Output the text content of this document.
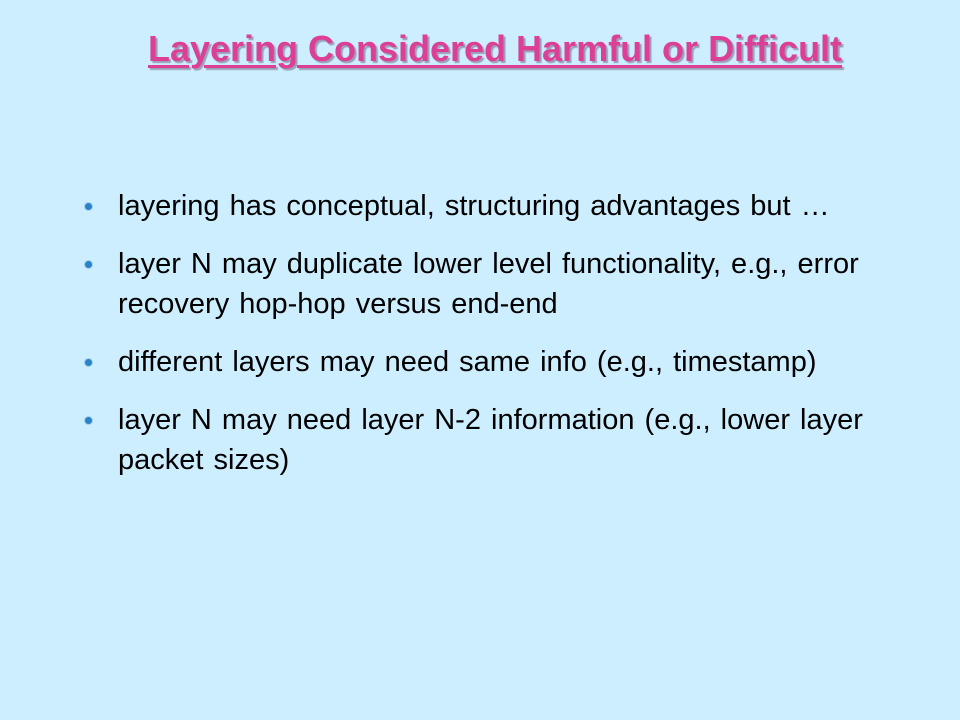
Layering Considered Harmful or Difficult
layering has conceptual, structuring advantages but …
layer N may duplicate lower level functionality, e.g., error recovery hop-hop versus end-end
different layers may need same info (e.g., timestamp)
layer N may need layer N-2 information (e.g., lower layer packet sizes)
